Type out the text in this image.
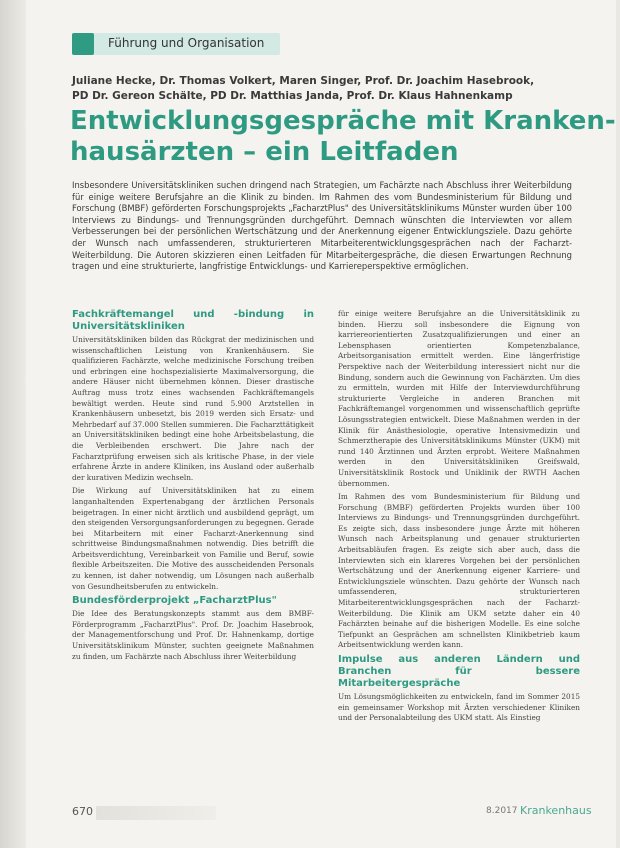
Führung und Organisation
Juliane Hecke, Dr. Thomas Volkert, Maren Singer, Prof. Dr. Joachim Hasebrook,
PD Dr. Gereon Schälte, PD Dr. Matthias Janda, Prof. Dr. Klaus Hahnenkamp
Entwicklungsgespräche mit Kranken-
hausärzten – ein Leitfaden
Insbesondere Universitätskliniken suchen dringend nach Strategien, um Fachärzte nach Abschluss ihrer Weiterbildung für einige weitere Berufsjahre an die Klinik zu binden. Im Rahmen des vom Bundesministerium für Bildung und Forschung (BMBF) geförderten Forschungsprojekts „FacharztPlus" des Universitätsklinikums Münster wurden über 100 Interviews zu Bindungs- und Trennungsgründen durchgeführt. Demnach wünschten die Interviewten vor allem Verbesserungen bei der persönlichen Wertschätzung und der Anerkennung eigener Entwicklungsziele. Dazu gehörte der Wunsch nach umfassenderen, strukturierteren Mitarbeiterentwicklungsgesprächen nach der Facharzt-Weiterbildung. Die Autoren skizzieren einen Leitfaden für Mitarbeitergespräche, die diesen Erwartungen Rechnung tragen und eine strukturierte, langfristige Entwicklungs- und Karriereperspektive ermöglichen.
Fachkräftemangel und -bindung in Universitätskliniken
Universitätskliniken bilden das Rückgrat der medizinischen und wissenschaftlichen Leistung von Krankenhäusern. Sie qualifizieren Fachärzte, welche medizinische Forschung treiben und erbringen eine hochspezialisierte Maximalversorgung, die andere Häuser nicht übernehmen können. Dieser drastische Auftrag muss trotz eines wachsenden Fachkräftemangels bewältigt werden. Heute sind rund 5.900 Arztstellen in Krankenhäusern unbesetzt, bis 2019 werden sich Ersatz- und Mehrbedarf auf 37.000 Stellen summieren. Die Facharzttätigkeit an Universitätskliniken bedingt eine hohe Arbeitsbelastung, die die Verbleibenden erschwert. Die Jahre nach der Facharztprüfung erweisen sich als kritische Phase, in der viele erfahrene Ärzte in andere Kliniken, ins Ausland oder außerhalb der kurativen Medizin wechseln.
Die Wirkung auf Universitätskliniken hat zu einem langanhaltenden Expertenabgang der ärztlichen Personals beigetragen. In einer nicht ärztlich und ausbildend geprägt, um den steigenden Versorgungsanforderungen zu begegnen. Gerade bei Mitarbeitern mit einer Facharzt-Anerkennung sind schrittweise Bindungsmaßnahmen notwendig. Dies betrifft die Arbeitsverdichtung, Vereinbarkeit von Familie und Beruf, sowie flexible Arbeitszeiten. Die Motive des ausscheidenden Personals zu kennen, ist daher notwendig, um Lösungen nach außerhalb von Gesundheitsberufen zu entwickeln.
Bundesförderprojekt „FacharztPlus"
Die Idee des Beratungskonzepts stammt aus dem BMBF-Förderprogramm „FacharztPlus". Prof. Dr. Joachim Hasebrook, der Managementforschung und Prof. Dr. Hahnenkamp, dortige Universitätsklinikum Münster, suchten geeignete Maßnahmen zu finden, um Fachärzte nach Abschluss ihrer Weiterbildung
für einige weitere Berufsjahre an die Universitätsklinik zu binden. Hierzu soll insbesondere die Eignung von karriereorientierten Zusatzqualifizierungen und einer an Lebensphasen orientierten Kompetenzbalance, Arbeitsorganisation ermittelt werden. Eine längerfristige Perspektive nach der Weiterbildung interessiert nicht nur die Bindung, sondern auch die Gewinnung von Fachärzten. Um dies zu ermitteln, wurden mit Hilfe der Interviewdurchführung strukturierte Vergleiche in anderen Branchen mit Fachkräftemangel vorgenommen und wissenschaftlich geprüfte Lösungsstrategien entwickelt. Diese Maßnahmen werden in der Klinik für Anästhesiologie, operative Intensivmedizin und Schmerztherapie des Universitätsklinikums Münster (UKM) mit rund 140 Ärztinnen und Ärzten erprobt. Weitere Maßnahmen werden in den Universitätskliniken Greifswald, Universitätsklinik Rostock und Uniklinik der RWTH Aachen übernommen.
Im Rahmen des vom Bundesministerium für Bildung und Forschung (BMBF) geförderten Projekts wurden über 100 Interviews zu Bindungs- und Trennungsgründen durchgeführt. Es zeigte sich, dass insbesondere junge Ärzte mit höheren Wunsch nach Arbeitsplanung und genauer strukturierten Arbeitsabläufen fragen. Es zeigte sich aber auch, dass die Interviewten sich ein klareres Vorgehen bei der persönlichen Wertschätzung und der Anerkennung eigener Karriere- und Entwicklungsziele wünschten. Dazu gehörte der Wunsch nach umfassenderen, strukturierteren Mitarbeiterentwicklungsgesprächen nach der Facharzt-Weiterbildung. Die Klinik am UKM setzte daher ein 40 Fachärzten beinahe auf die bisherigen Modelle. Es eine solche Tiefpunkt an Gesprächen am schnellsten Klinikbetrieb kaum Arbeitsentwicklung werden kann.
Impulse aus anderen Ländern und Branchen für bessere Mitarbeitergespräche
Um Lösungsmöglichkeiten zu entwickeln, fand im Sommer 2015 ein gemeinsamer Workshop mit Ärzten verschiedener Kliniken und der Personalabteilung des UKM statt. Als Einstieg
670	8.2017 Krankenhaus
